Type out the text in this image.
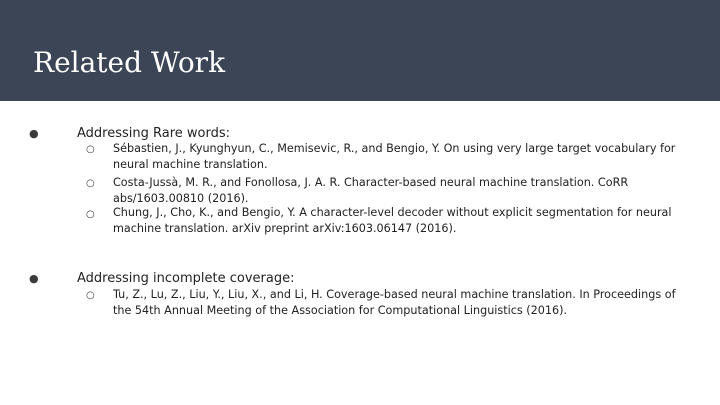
Related Work
●	Addressing Rare words:
○ Sébastien, J., Kyunghyun, C., Memisevic, R., and Bengio, Y. On using very large target vocabulary for neural machine translation.
○ Costa-Jussà, M. R., and Fonollosa, J. A. R. Character-based neural machine translation. CoRR abs/1603.00810 (2016).
○ Chung, J., Cho, K., and Bengio, Y. A character-level decoder without explicit segmentation for neural machine translation. arXiv preprint arXiv:1603.06147 (2016).
●	Addressing incomplete coverage:
○ Tu, Z., Lu, Z., Liu, Y., Liu, X., and Li, H. Coverage-based neural machine translation. In Proceedings of the 54th Annual Meeting of the Association for Computational Linguistics (2016).
